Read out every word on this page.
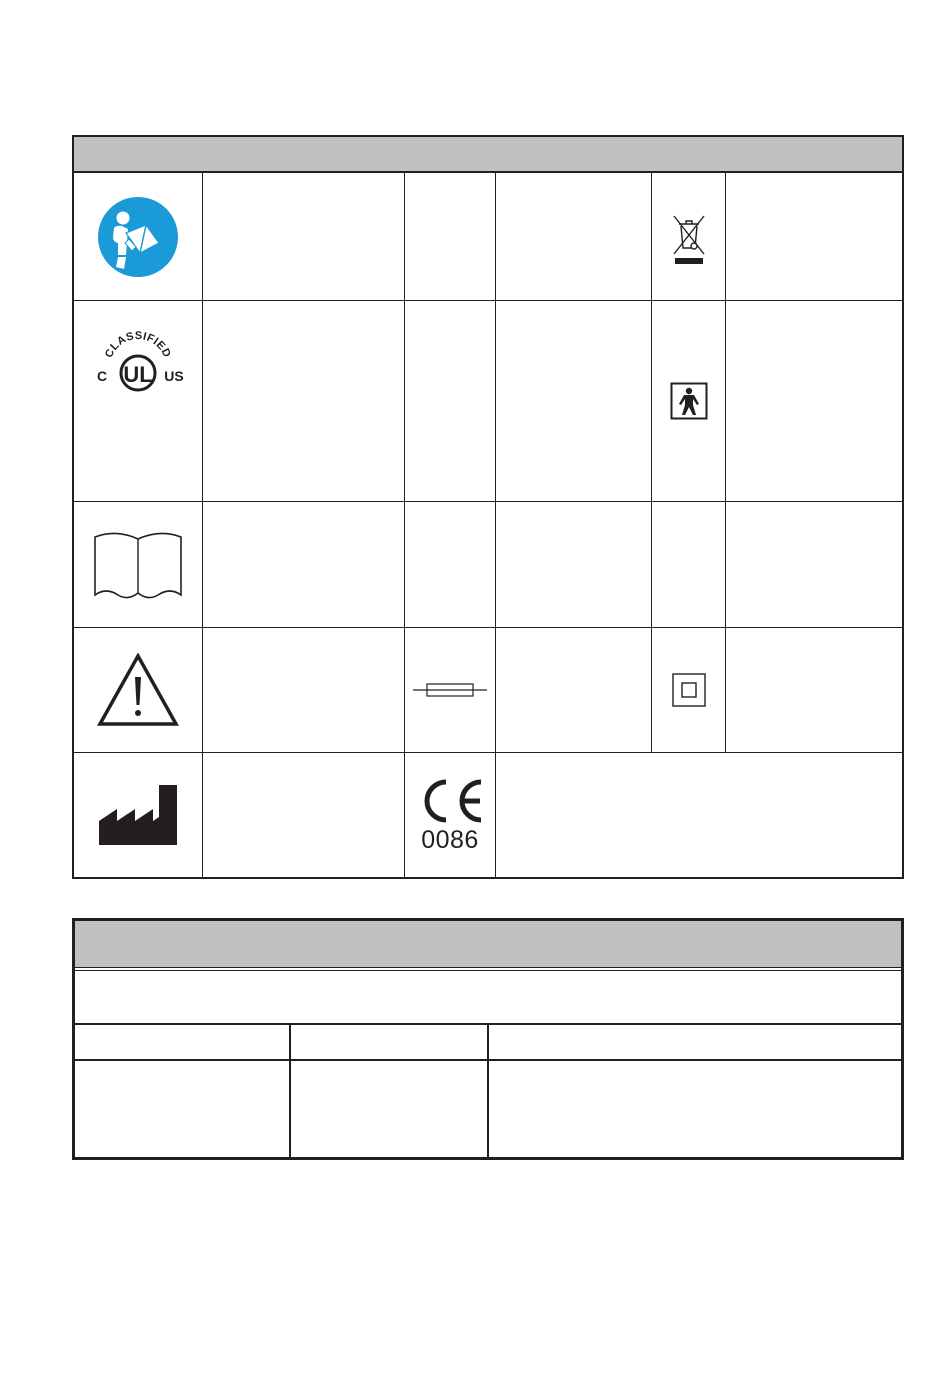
CLASSIFIED
UL
C	US
0086
